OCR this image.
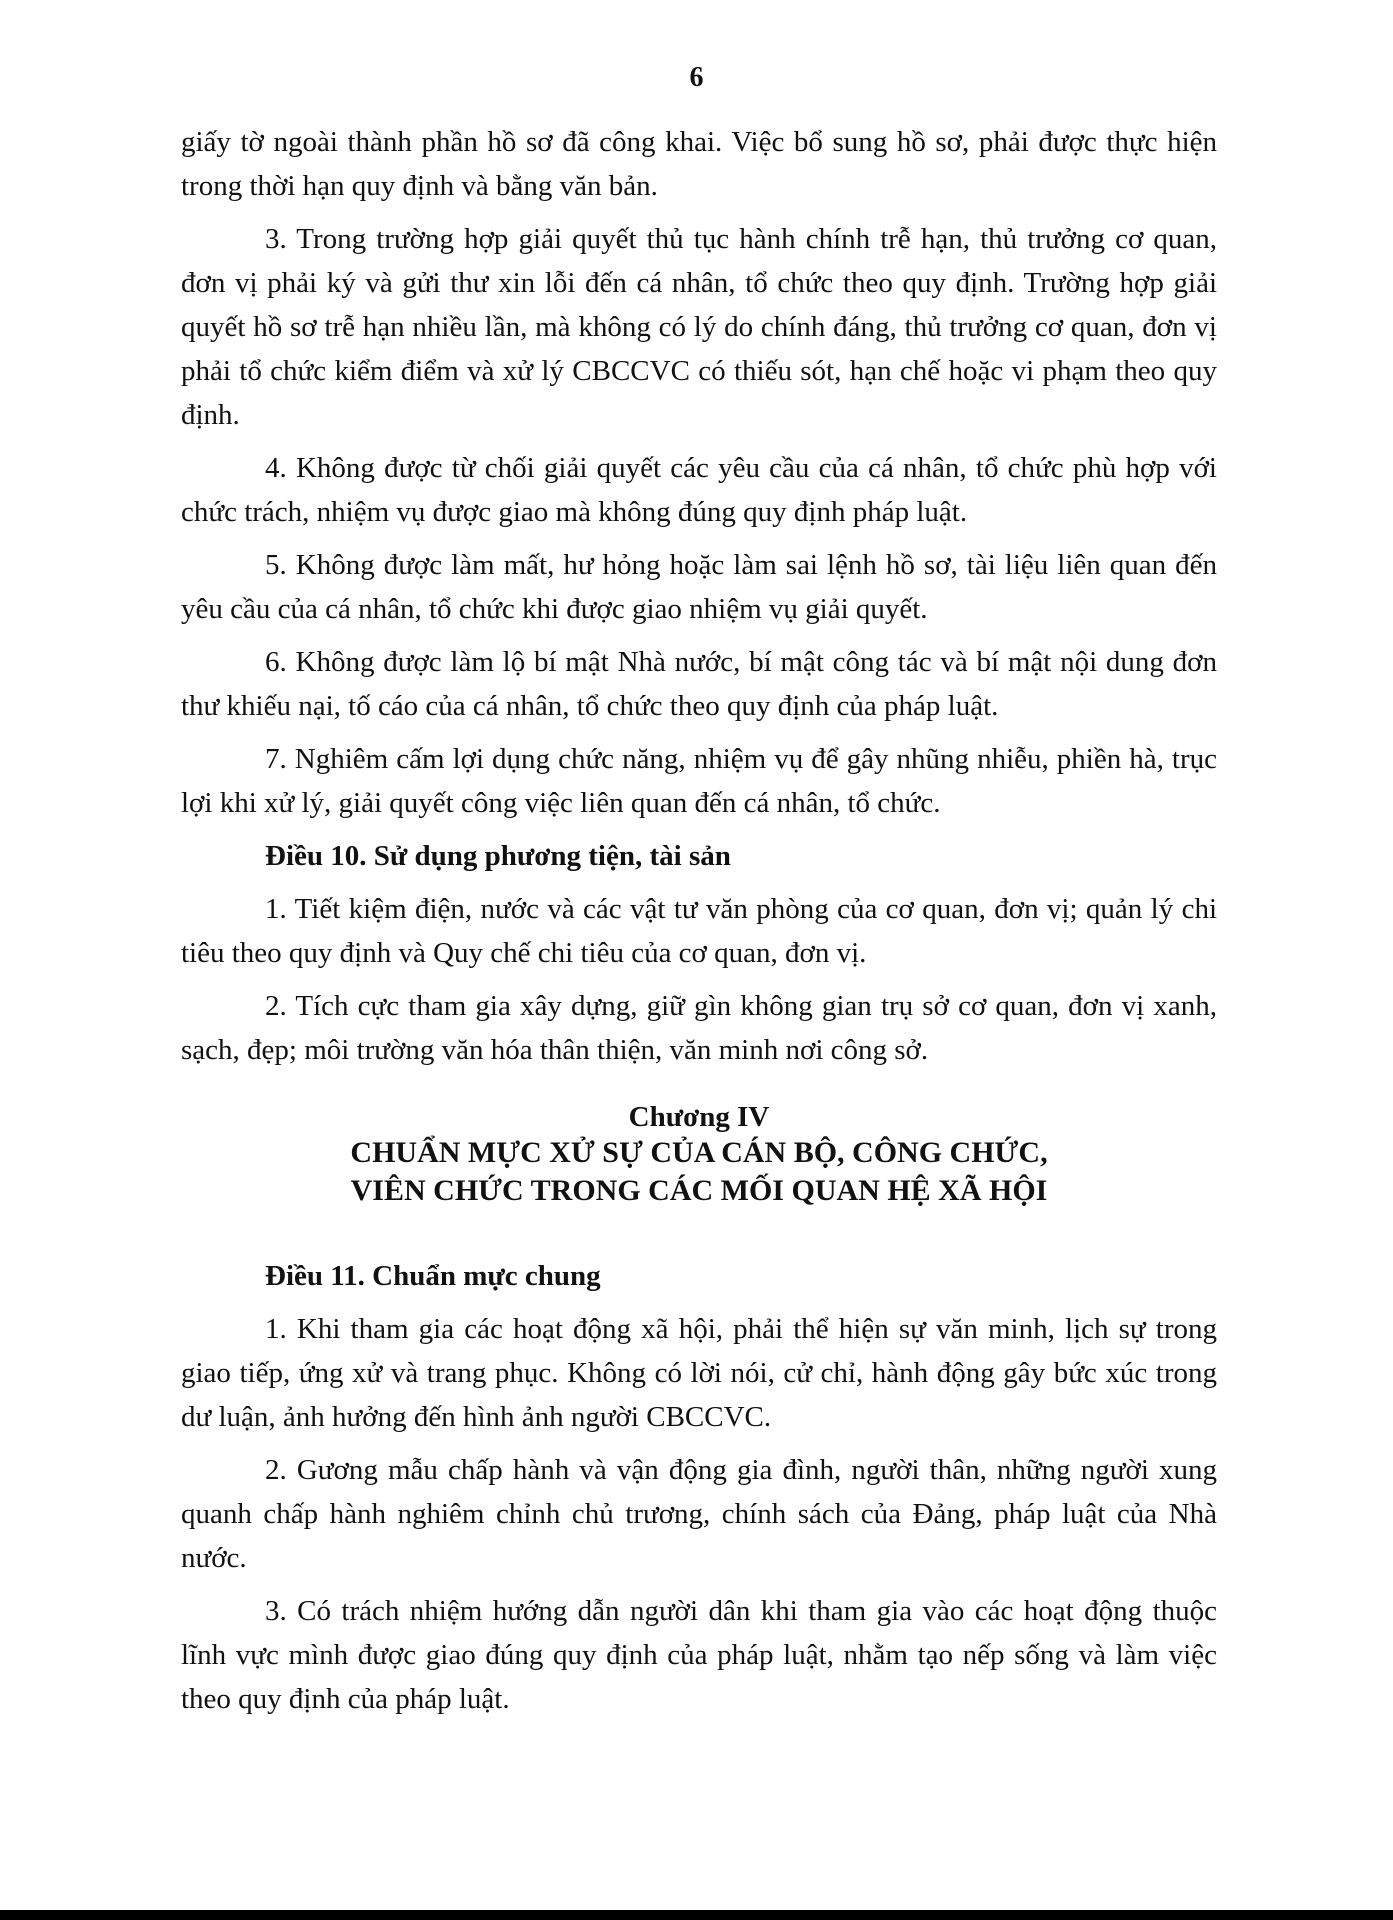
6

giấy tờ ngoài thành phần hồ sơ đã công khai. Việc bổ sung hồ sơ, phải được thực hiện trong thời hạn quy định và bằng văn bản.

3. Trong trường hợp giải quyết thủ tục hành chính trễ hạn, thủ trưởng cơ quan, đơn vị phải ký và gửi thư xin lỗi đến cá nhân, tổ chức theo quy định. Trường hợp giải quyết hồ sơ trễ hạn nhiều lần, mà không có lý do chính đáng, thủ trưởng cơ quan, đơn vị phải tổ chức kiểm điểm và xử lý CBCCVC có thiếu sót, hạn chế hoặc vi phạm theo quy định.

4. Không được từ chối giải quyết các yêu cầu của cá nhân, tổ chức phù hợp với chức trách, nhiệm vụ được giao mà không đúng quy định pháp luật.

5. Không được làm mất, hư hỏng hoặc làm sai lệnh hồ sơ, tài liệu liên quan đến yêu cầu của cá nhân, tổ chức khi được giao nhiệm vụ giải quyết.

6. Không được làm lộ bí mật Nhà nước, bí mật công tác và bí mật nội dung đơn thư khiếu nại, tố cáo của cá nhân, tổ chức theo quy định của pháp luật.

7. Nghiêm cấm lợi dụng chức năng, nhiệm vụ để gây nhũng nhiễu, phiền hà, trục lợi khi xử lý, giải quyết công việc liên quan đến cá nhân, tổ chức.

Điều 10. Sử dụng phương tiện, tài sản

1. Tiết kiệm điện, nước và các vật tư văn phòng của cơ quan, đơn vị; quản lý chi tiêu theo quy định và Quy chế chi tiêu của cơ quan, đơn vị.

2. Tích cực tham gia xây dựng, giữ gìn không gian trụ sở cơ quan, đơn vị xanh, sạch, đẹp; môi trường văn hóa thân thiện, văn minh nơi công sở.

Chương IV
CHUẨN MỰC XỬ SỰ CỦA CÁN BỘ, CÔNG CHỨC,
VIÊN CHỨC TRONG CÁC MỐI QUAN HỆ XÃ HỘI
Điều 11. Chuẩn mực chung

1. Khi tham gia các hoạt động xã hội, phải thể hiện sự văn minh, lịch sự trong giao tiếp, ứng xử và trang phục. Không có lời nói, cử chỉ, hành động gây bức xúc trong dư luận, ảnh hưởng đến hình ảnh người CBCCVC.

2. Gương mẫu chấp hành và vận động gia đình, người thân, những người xung quanh chấp hành nghiêm chỉnh chủ trương, chính sách của Đảng, pháp luật của Nhà nước.

3. Có trách nhiệm hướng dẫn người dân khi tham gia vào các hoạt động thuộc lĩnh vực mình được giao đúng quy định của pháp luật, nhằm tạo nếp sống và làm việc theo quy định của pháp luật.
